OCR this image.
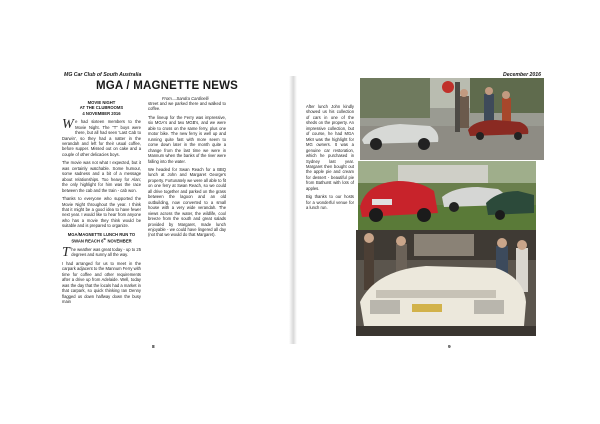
MG Car Club of South Australia	December 2016
MGA / MAGNETTE NEWS
From....Sandra Cardinelli
MOVIE NIGHT
AT THE CLUBROOMS
4 NOVEMBER 2016

We had sixteen members to the Movie Night. The "T" boys were there, but all had seen 'Last Cab to Darwin', so they had a natter in the verandah and left for their usual coffee, before supper. Missed out on cake and a couple of other delicacies boys.

The movie was not what I expected, but it was certainly watchable. Some humour, some sadness and a bit of a message about relationships. Too heavy for Alan; the only highlight for him was the race between the cab and the train - cab won.

Thanks to everyone who supported the Movie Night throughout the year. I think that it might be a good idea to have fewer next year. I would like to hear from anyone who has a movie they think would be suitable and is prepared to organize.

MGA/MAGNETTE LUNCH RUN TO
SWAN REACH 6th NOVEMBER

The weather was great today - up to 25 degrees and sunny all the way.

I had arranged for us to meet in the carpark adjacent to the Mannum Ferry with time for coffee and other requirements after a drive up from Adelaide. Well, today was the day that the locals had a market in that carpark, so quick thinking Ian Denny flagged us down halfway down the busy main

street and we parked there and walked to coffee.

The lineup for the Ferry was impressive, six MGA's and two MGB's, and we were able to cross on the same ferry, plus one motor bike. The new ferry is well up and running quite fast with more seem to come down later in the month quite a change from the last time we were in Mannum when the banks of the river were falling into the water.

We headed for Swan Reach for a BBQ lunch at John and Margaret George's property. Fortunately we were all able to fit on one ferry at Swan Reach, so we could all drive together and parked on the grass between the lagoon and an old outbuilding, now converted to a small house with a very wide verandah. The views across the water, the wildlife, cool breeze from the south and great salads provided by Margaret, made lunch enjoyable - we could have lingered all day (not that we would do that Margaret).

After lunch John kindly showed us his collection of cars in one of the sheds on the property. An impressive collection, but of course, he had MGA MkII was the highlight for MG owners. It was a genuine car restoration, which he purchased in Sydney last year. Margaret then bought out the apple pie and cream for dessert - beautiful pie from Bathurst with lots of apples.

Big thanks to our hosts for a wonderful venue for a lunch run.

8	9
